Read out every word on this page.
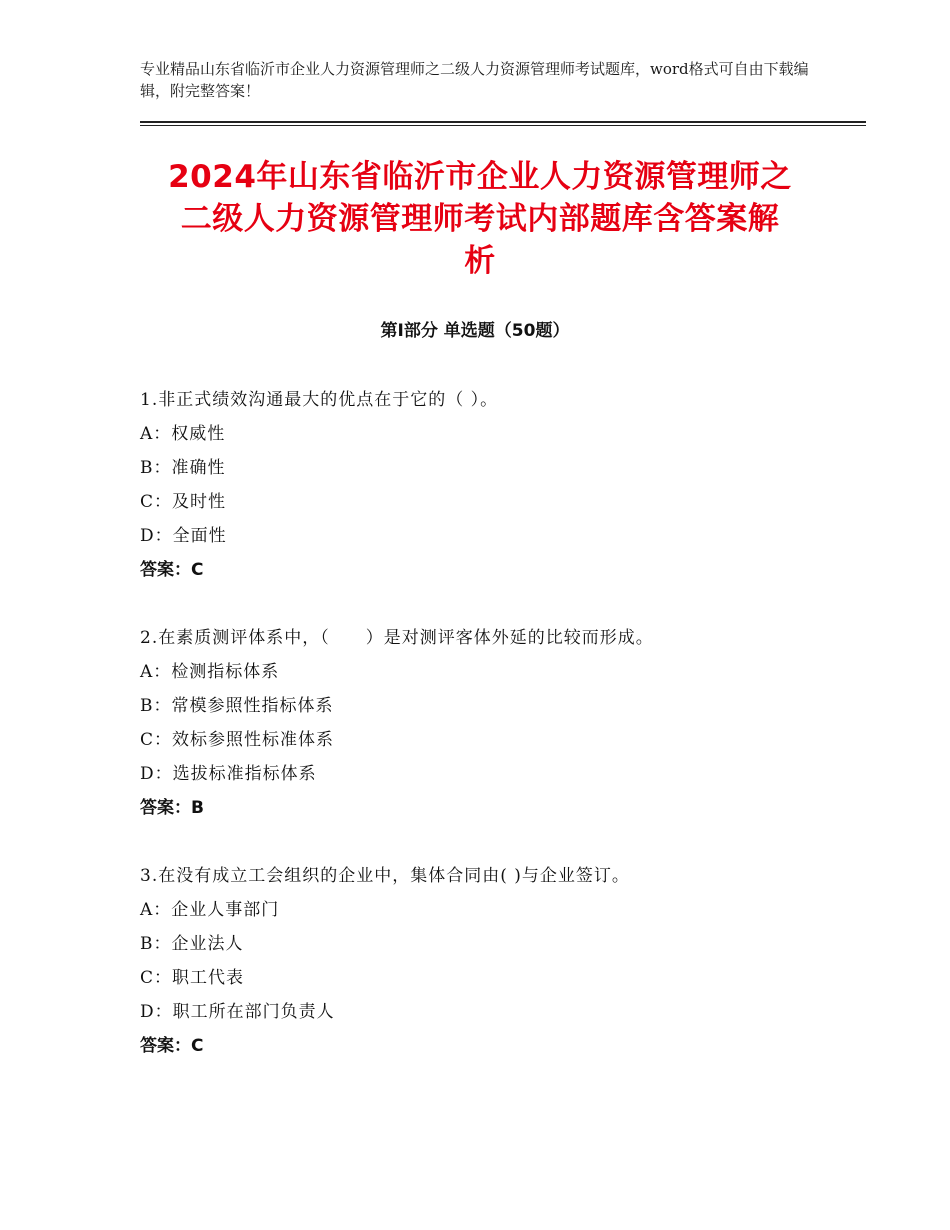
专业精品山东省临沂市企业人力资源管理师之二级人力资源管理师考试题库，word格式可自由下载编辑，附完整答案！
2024年山东省临沂市企业人力资源管理师之
二级人力资源管理师考试内部题库含答案解
析
第Ⅰ部分 单选题（50题）
1.非正式绩效沟通最大的优点在于它的（ ）。
A：权威性
B：准确性
C：及时性
D：全面性
答案：C
2.在素质测评体系中，（　　）是对测评客体外延的比较而形成。
A：检测指标体系
B：常模参照性指标体系
C：效标参照性标准体系
D：选拔标准指标体系
答案：B
3.在没有成立工会组织的企业中，集体合同由( )与企业签订。
A：企业人事部门
B：企业法人
C：职工代表
D：职工所在部门负责人
答案：C
